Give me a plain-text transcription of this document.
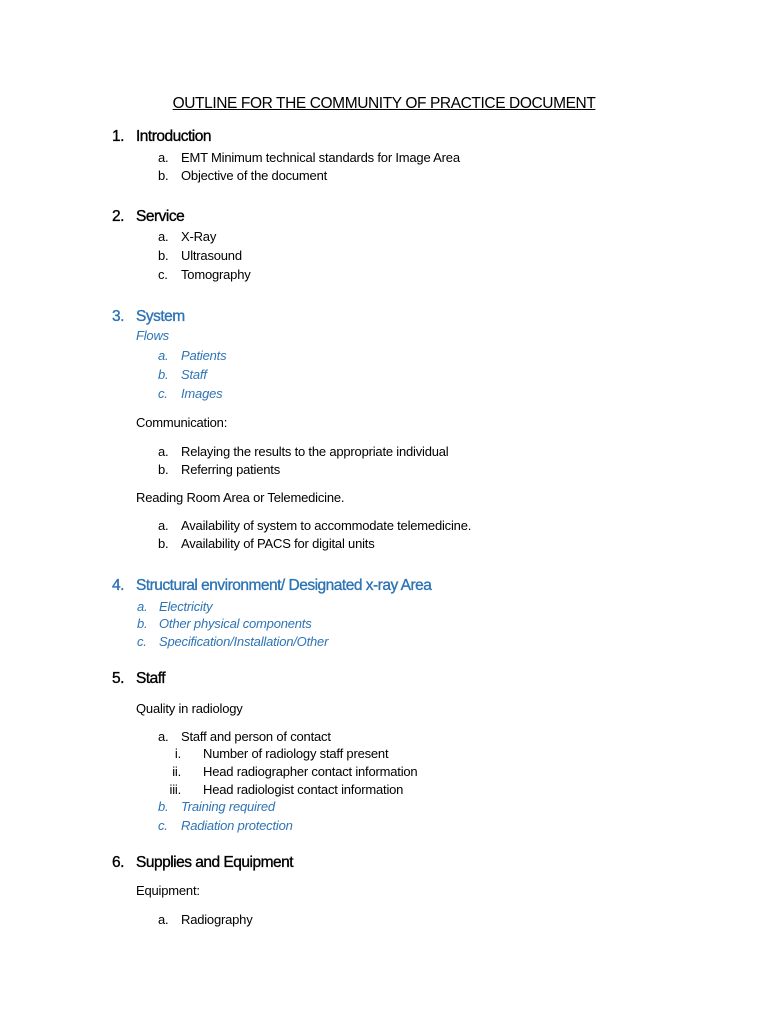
OUTLINE FOR THE COMMUNITY OF PRACTICE DOCUMENT
1. Introduction
a. EMT Minimum technical standards for Image Area
b. Objective of the document
2. Service
a. X-Ray
b. Ultrasound
c. Tomography
3. System
Flows
a. Patients
b. Staff
c. Images
Communication:
a. Relaying the results to the appropriate individual
b. Referring patients
Reading Room Area or Telemedicine.
a. Availability of system to accommodate telemedicine.
b. Availability of PACS for digital units
4. Structural environment/ Designated x-ray Area
a. Electricity
b. Other physical components
c. Specification/Installation/Other
5. Staff
Quality in radiology
a. Staff and person of contact
i. Number of radiology staff present
ii. Head radiographer contact information
iii. Head radiologist contact information
b. Training required
c. Radiation protection
6. Supplies and Equipment
Equipment:
a. Radiography
